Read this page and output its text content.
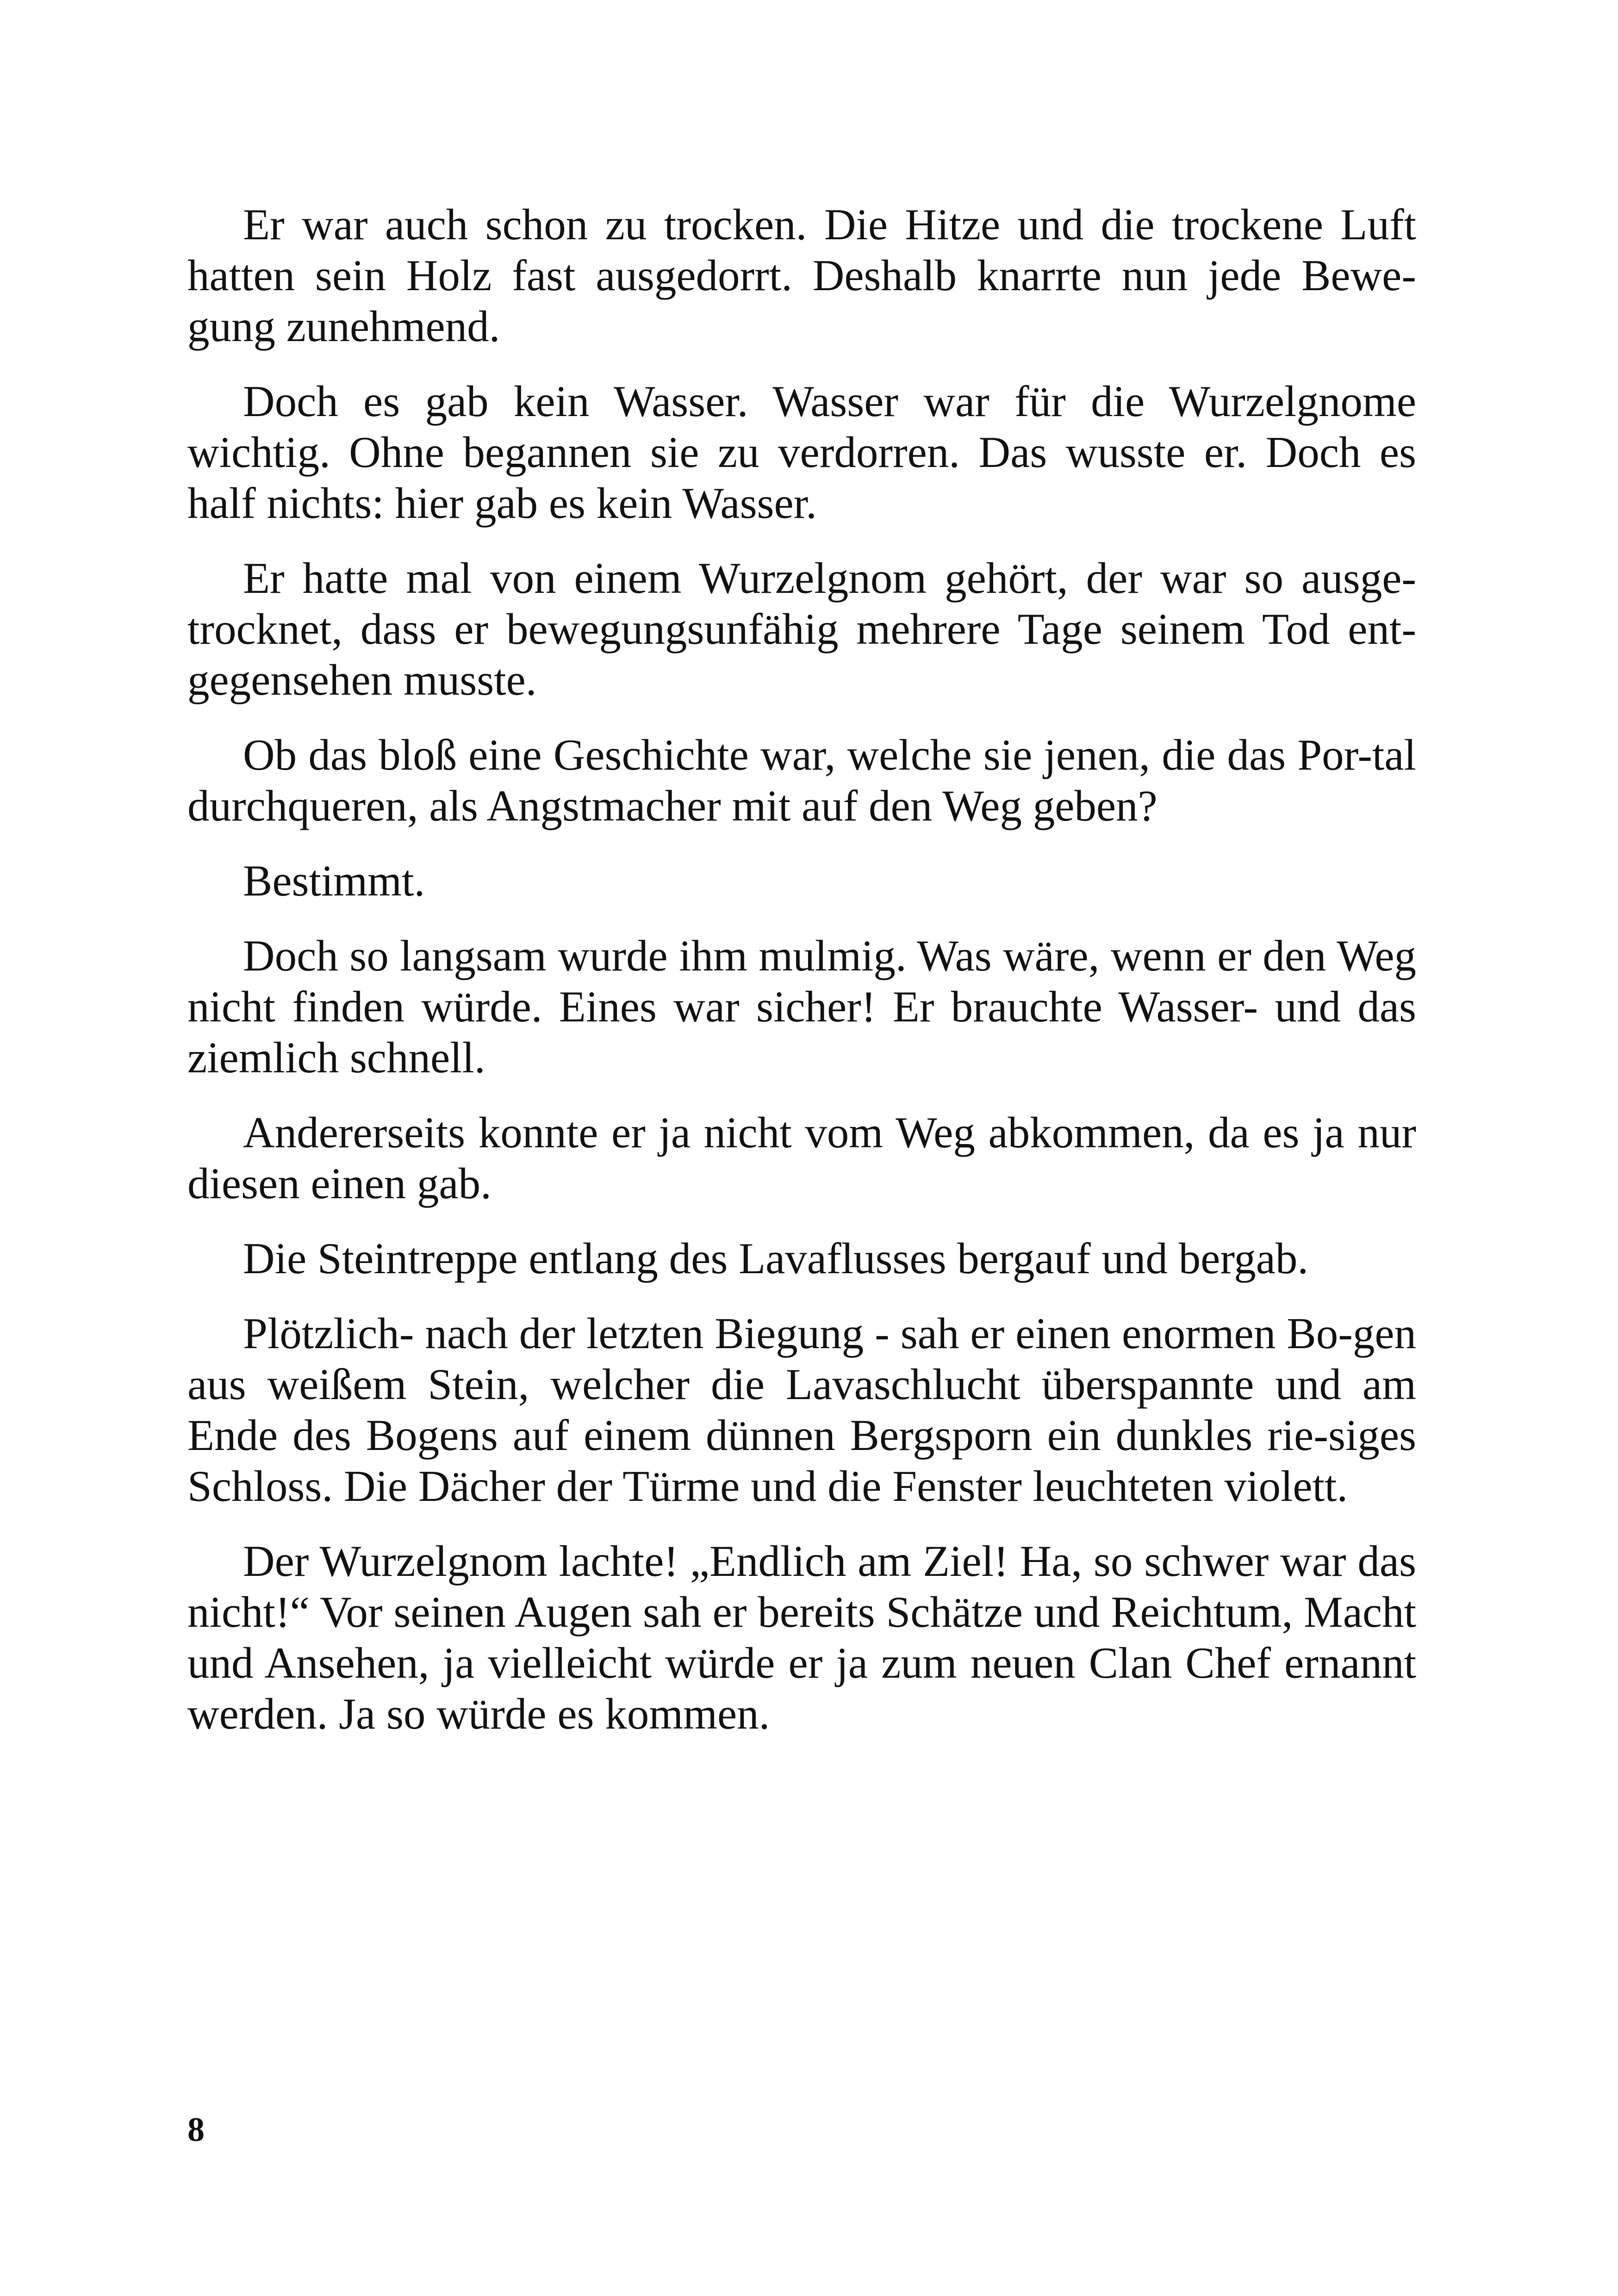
Er war auch schon zu trocken. Die Hitze und die trockene Luft hatten sein Holz fast ausgedorrt. Deshalb knarrte nun jede Bewe-gung zunehmend.

Doch es gab kein Wasser. Wasser war für die Wurzelgnome wichtig. Ohne begannen sie zu verdorren. Das wusste er. Doch es half nichts: hier gab es kein Wasser.

Er hatte mal von einem Wurzelgnom gehört, der war so ausge-trocknet, dass er bewegungsunfähig mehrere Tage seinem Tod ent-gegensehen musste.

Ob das bloß eine Geschichte war, welche sie jenen, die das Por-tal durchqueren, als Angstmacher mit auf den Weg geben?

Bestimmt.

Doch so langsam wurde ihm mulmig. Was wäre, wenn er den Weg nicht finden würde. Eines war sicher! Er brauchte Wasser- und das ziemlich schnell.

Andererseits konnte er ja nicht vom Weg abkommen, da es ja nur diesen einen gab.

Die Steintreppe entlang des Lavaflusses bergauf und bergab.

Plötzlich- nach der letzten Biegung - sah er einen enormen Bo-gen aus weißem Stein, welcher die Lavaschlucht überspannte und am Ende des Bogens auf einem dünnen Bergsporn ein dunkles rie-siges Schloss. Die Dächer der Türme und die Fenster leuchteten violett.

Der Wurzelgnom lachte! „Endlich am Ziel! Ha, so schwer war das nicht!“ Vor seinen Augen sah er bereits Schätze und Reichtum, Macht und Ansehen, ja vielleicht würde er ja zum neuen Clan Chef ernannt werden. Ja so würde es kommen.

8
